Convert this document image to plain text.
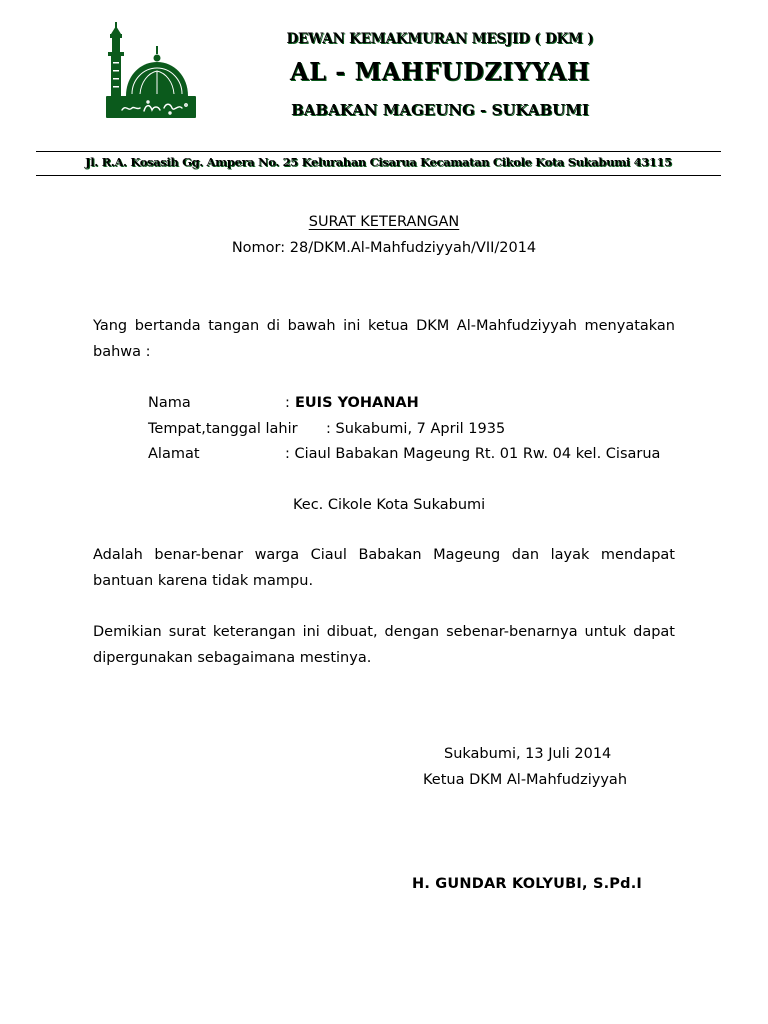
DEWAN KEMAKMURAN MESJID ( DKM )
AL - MAHFUDZIYYAH
BABAKAN MAGEUNG - SUKABUMI
Jl. R.A. Kosasih Gg. Ampera No. 25 Kelurahan Cisarua Kecamatan Cikole Kota Sukabumi 43115
SURAT KETERANGAN
Nomor: 28/DKM.Al-Mahfudziyyah/VII/2014
Yang bertanda tangan di bawah ini ketua DKM Al-Mahfudziyyah menyatakan bahwa :
Nama	: EUIS YOHANAH
Tempat,tanggal lahir : Sukabumi, 7 April 1935
Alamat	: Ciaul Babakan Mageung Rt. 01 Rw. 04 kel. Cisarua
Kec. Cikole Kota Sukabumi
Adalah benar-benar warga Ciaul Babakan Mageung dan layak mendapat bantuan karena tidak mampu.
Demikian surat keterangan ini dibuat, dengan sebenar-benarnya untuk dapat dipergunakan sebagaimana mestinya.
Sukabumi, 13 Juli 2014
Ketua DKM Al-Mahfudziyyah
H. GUNDAR KOLYUBI, S.Pd.I
